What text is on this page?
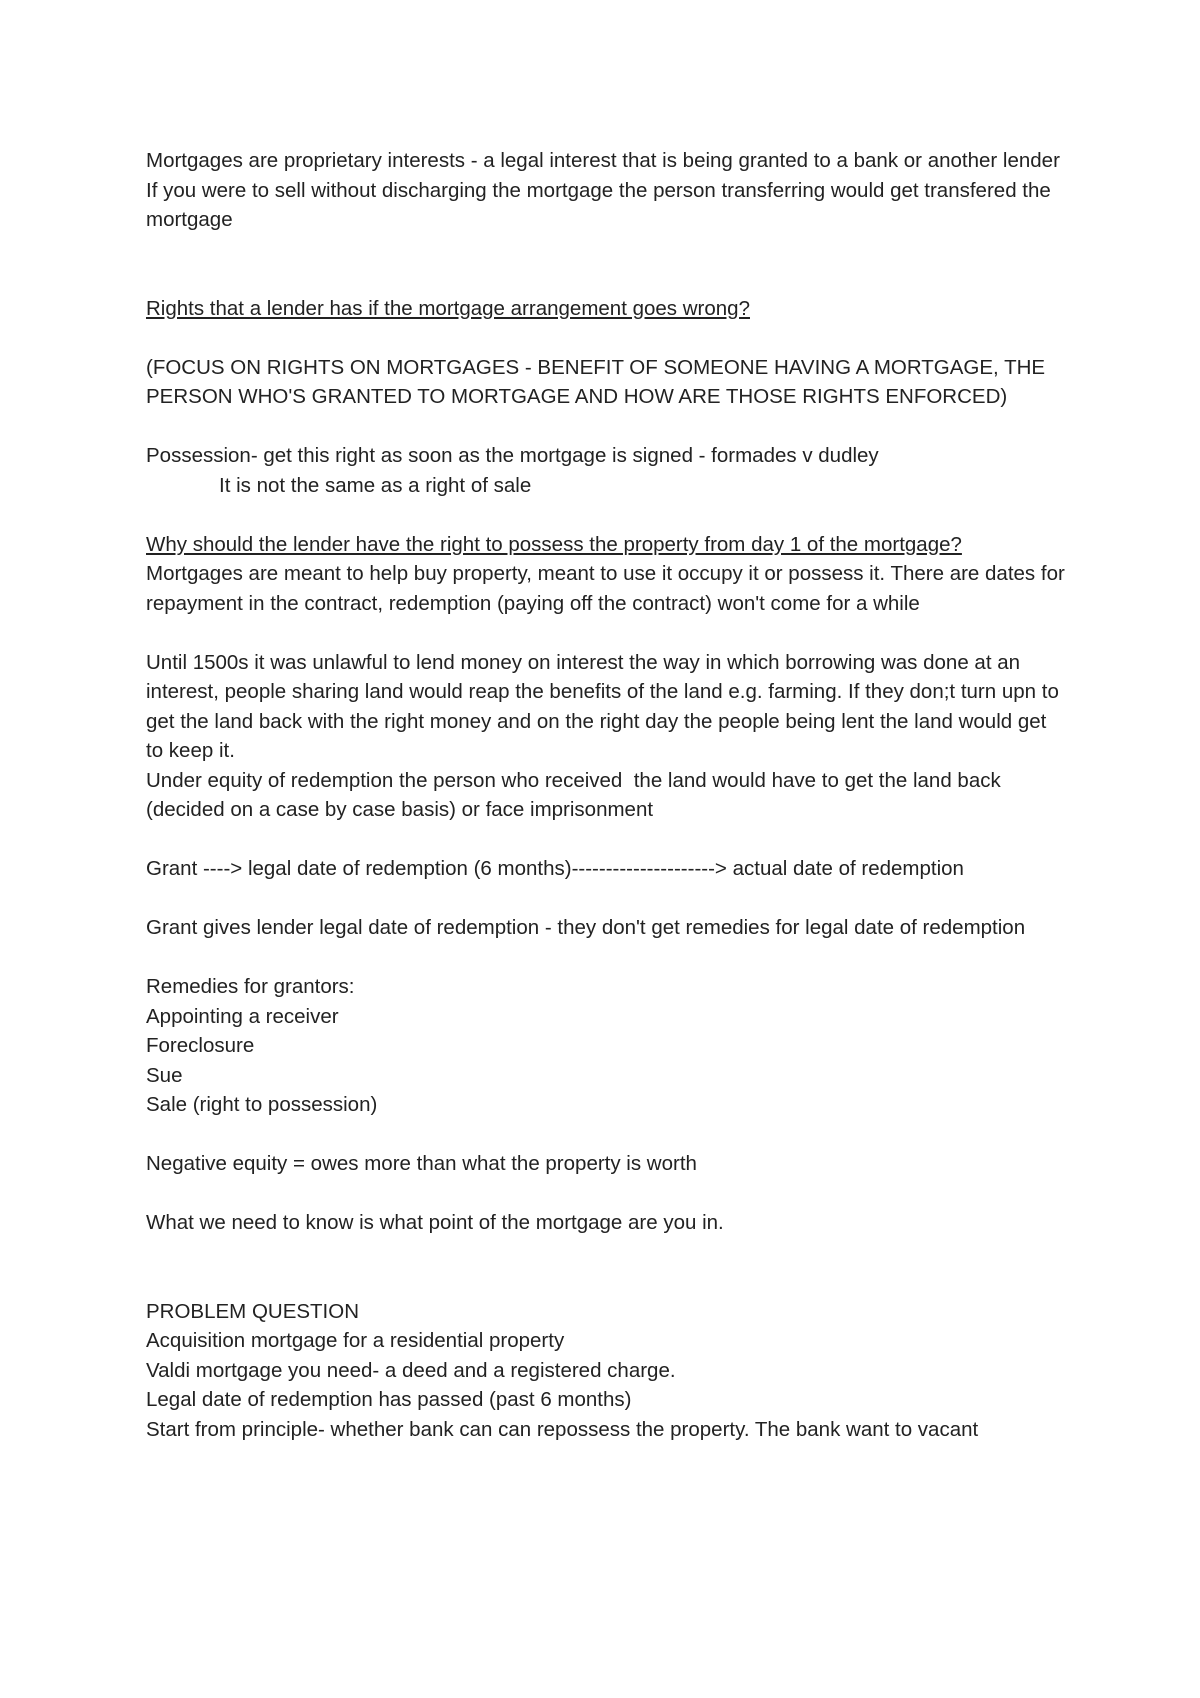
Mortgages are proprietary interests - a legal interest that is being granted to a bank or another lender

If you were to sell without discharging the mortgage the person transferring would get transfered the mortgage

Rights that a lender has if the mortgage arrangement goes wrong?

(FOCUS ON RIGHTS ON MORTGAGES - BENEFIT OF SOMEONE HAVING A MORTGAGE, THE PERSON WHO'S GRANTED TO MORTGAGE AND HOW ARE THOSE RIGHTS ENFORCED)

Possession- get this right as soon as the mortgage is signed - formades v dudley

It is not the same as a right of sale

Why should the lender have the right to possess the property from day 1 of the mortgage?

Mortgages are meant to help buy property, meant to use it occupy it or possess it. There are dates for repayment in the contract, redemption (paying off the contract) won't come for a while

Until 1500s it was unlawful to lend money on interest the way in which borrowing was done at an interest, people sharing land would reap the benefits of the land e.g. farming. If they don;t turn upn to get the land back with the right money and on the right day the people being lent the land would get to keep it.

Under equity of redemption the person who received  the land would have to get the land back (decided on a case by case basis) or face imprisonment

Grant ----> legal date of redemption (6 months)---------------------> actual date of redemption

Grant gives lender legal date of redemption - they don't get remedies for legal date of redemption

Remedies for grantors:

Appointing a receiver

Foreclosure

Sue

Sale (right to possession)

Negative equity = owes more than what the property is worth

What we need to know is what point of the mortgage are you in.

PROBLEM QUESTION

Acquisition mortgage for a residential property

Valdi mortgage you need- a deed and a registered charge.

Legal date of redemption has passed (past 6 months)

Start from principle- whether bank can can repossess the property. The bank want to vacant
